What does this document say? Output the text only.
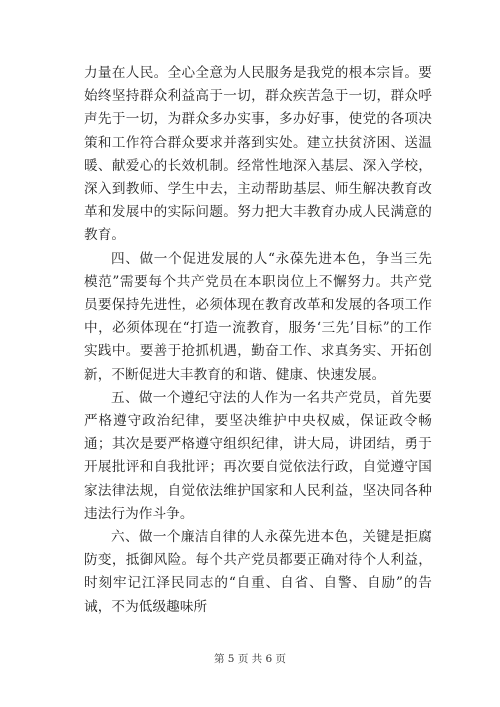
力量在人民。全心全意为人民服务是我党的根本宗旨。要始终坚持群众利益高于一切，群众疾苦急于一切，群众呼声先于一切，为群众多办实事，多办好事，使党的各项决策和工作符合群众要求并落到实处。建立扶贫济困、送温暖、献爱心的长效机制。经常性地深入基层、深入学校，深入到教师、学生中去，主动帮助基层、师生解决教育改革和发展中的实际问题。努力把大丰教育办成人民满意的教育。

四、做一个促进发展的人“永葆先进本色，争当三先模范”需要每个共产党员在本职岗位上不懈努力。共产党员要保持先进性，必须体现在教育改革和发展的各项工作中，必须体现在“打造一流教育，服务‘三先’目标”的工作实践中。要善于抢抓机遇，勤奋工作、求真务实、开拓创新，不断促进大丰教育的和谐、健康、快速发展。

五、做一个遵纪守法的人作为一名共产党员，首先要严格遵守政治纪律，要坚决维护中央权威，保证政令畅通；其次是要严格遵守组织纪律，讲大局，讲团结，勇于开展批评和自我批评；再次要自觉依法行政，自觉遵守国家法律法规，自觉依法维护国家和人民利益，坚决同各种违法行为作斗争。

六、做一个廉洁自律的人永葆先进本色，关键是拒腐防变，抵御风险。每个共产党员都要正确对待个人利益，时刻牢记江泽民同志的“自重、自省、自警、自励”的告诫，不为低级趣味所

第 5 页 共 6 页
